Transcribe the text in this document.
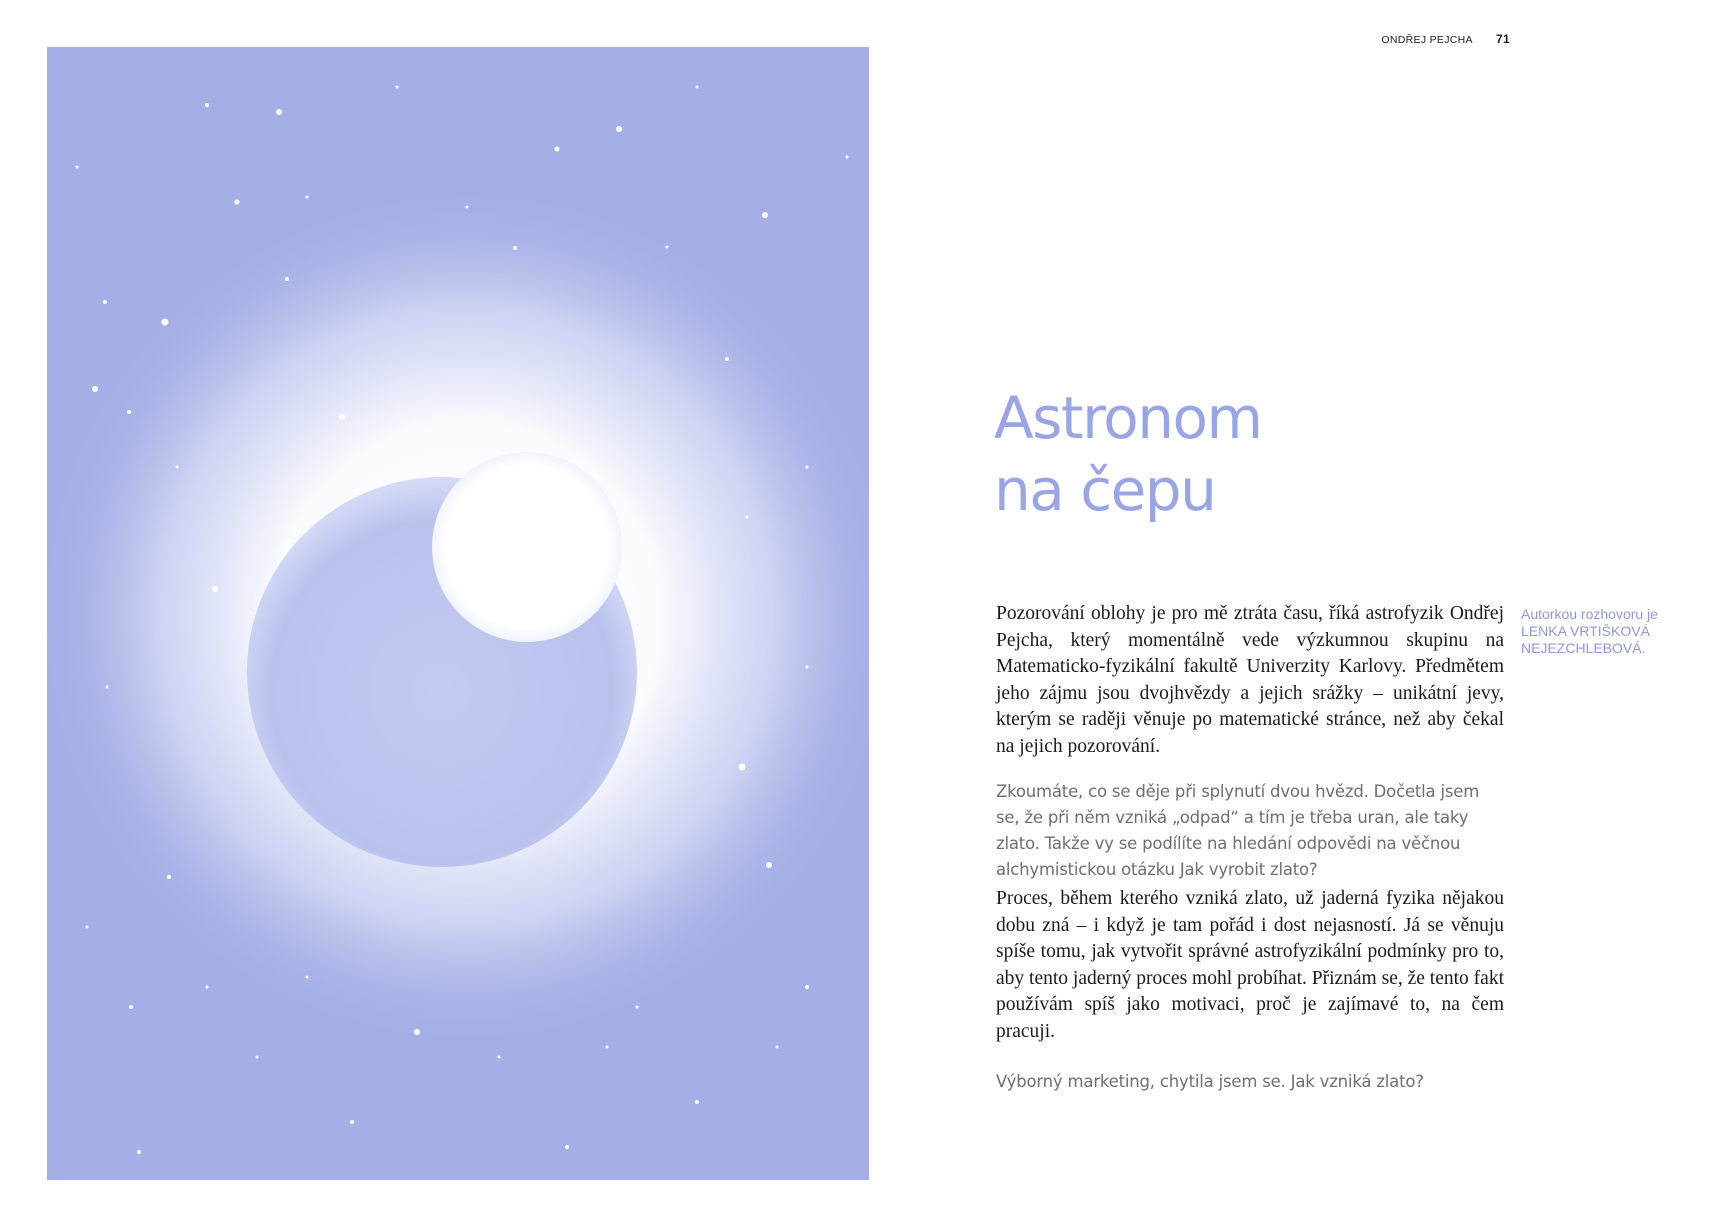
ONDŘEJ PEJCHA 71
Astronom
na čepu
Autorkou rozhovoru je
LENKA VRTIŠKOVÁ
NEJEZCHLEBOVÁ.

Pozorování oblohy je pro mě ztráta času, říká astrofyzik Ondřej Pejcha, který momentálně vede výzkumnou skupinu na Matematicko-fyzikální fakultě Univerzity Karlovy. Předmětem jeho zájmu jsou dvojhvězdy a jejich srážky – unikátní jevy, kterým se raději věnuje po matematické stránce, než aby čekal na jejich pozorování.

Zkoumáte, co se děje při splynutí dvou hvězd. Dočetla jsem se, že při něm vzniká „odpad“ a tím je třeba uran, ale taky zlato. Takže vy se podílíte na hledání odpovědi na věčnou alchymistickou otázku Jak vyrobit zlato?

Proces, během kterého vzniká zlato, už jaderná fyzika nějakou dobu zná – i když je tam pořád i dost nejasností. Já se věnuju spíše tomu, jak vytvořit správné astrofyzikální podmínky pro to, aby tento jaderný proces mohl probíhat. Přiznám se, že tento fakt používám spíš jako motivaci, proč je zajímavé to, na čem pracuji.

Výborný marketing, chytila jsem se. Jak vzniká zlato?
